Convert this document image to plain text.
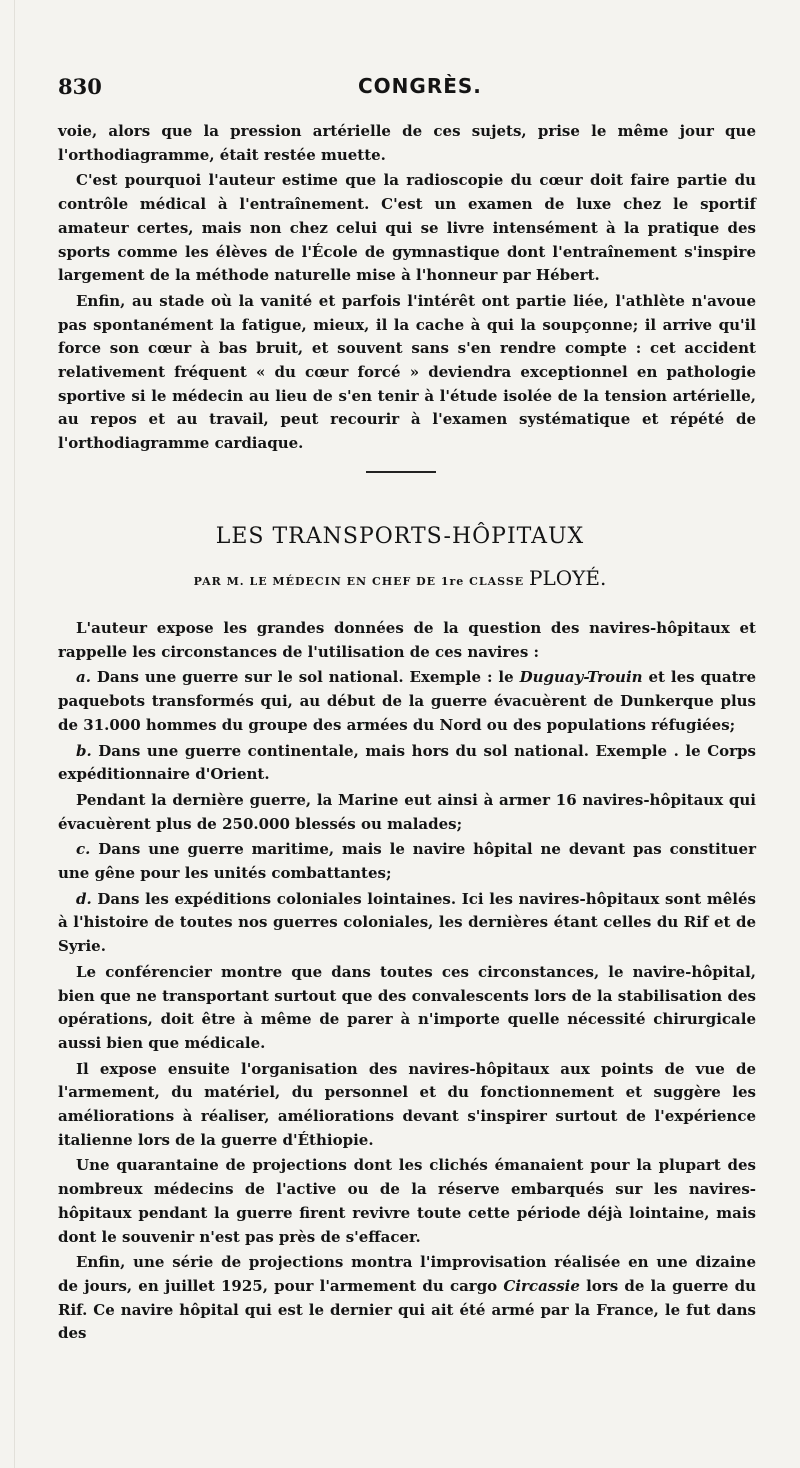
830	CONGRÈS.

voie, alors que la pression artérielle de ces sujets, prise le même jour que l'orthodiagramme, était restée muette.

C'est pourquoi l'auteur estime que la radioscopie du cœur doit faire partie du contrôle médical à l'entraînement. C'est un examen de luxe chez le sportif amateur certes, mais non chez celui qui se livre intensément à la pratique des sports comme les élèves de l'École de gymnastique dont l'entraînement s'inspire largement de la méthode naturelle mise à l'honneur par Hébert.

Enfin, au stade où la vanité et parfois l'intérêt ont partie liée, l'athlète n'avoue pas spontanément la fatigue, mieux, il la cache à qui la soupçonne; il arrive qu'il force son cœur à bas bruit, et souvent sans s'en rendre compte : cet accident relativement fréquent « du cœur forcé » deviendra exceptionnel en pathologie sportive si le médecin au lieu de s'en tenir à l'étude isolée de la tension artérielle, au repos et au travail, peut recourir à l'examen systématique et répété de l'orthodiagramme cardiaque.

LES TRANSPORTS-HÔPITAUX
PAR M. LE MÉDECIN EN CHEF DE 1re CLASSE PLOYÉ.

L'auteur expose les grandes données de la question des navires-hôpitaux et rappelle les circonstances de l'utilisation de ces navires :

a. Dans une guerre sur le sol national. Exemple : le Duguay-Trouin et les quatre paquebots transformés qui, au début de la guerre évacuèrent de Dunkerque plus de 31.000 hommes du groupe des armées du Nord ou des populations réfugiées;

b. Dans une guerre continentale, mais hors du sol national. Exemple . le Corps expéditionnaire d'Orient.

Pendant la dernière guerre, la Marine eut ainsi à armer 16 navires-hôpitaux qui évacuèrent plus de 250.000 blessés ou malades;

c. Dans une guerre maritime, mais le navire hôpital ne devant pas constituer une gêne pour les unités combattantes;

d. Dans les expéditions coloniales lointaines. Ici les navires-hôpitaux sont mêlés à l'histoire de toutes nos guerres coloniales, les dernières étant celles du Rif et de Syrie.

Le conférencier montre que dans toutes ces circonstances, le navire-hôpital, bien que ne transportant surtout que des convalescents lors de la stabilisation des opérations, doit être à même de parer à n'importe quelle nécessité chirurgicale aussi bien que médicale.

Il expose ensuite l'organisation des navires-hôpitaux aux points de vue de l'armement, du matériel, du personnel et du fonctionnement et suggère les améliorations à réaliser, améliorations devant s'inspirer surtout de l'expérience italienne lors de la guerre d'Éthiopie.

Une quarantaine de projections dont les clichés émanaient pour la plupart des nombreux médecins de l'active ou de la réserve embarqués sur les navires-hôpitaux pendant la guerre firent revivre toute cette période déjà lointaine, mais dont le souvenir n'est pas près de s'effacer.

Enfin, une série de projections montra l'improvisation réalisée en une dizaine de jours, en juillet 1925, pour l'armement du cargo Circassie lors de la guerre du Rif. Ce navire hôpital qui est le dernier qui ait été armé par la France, le fut dans des
